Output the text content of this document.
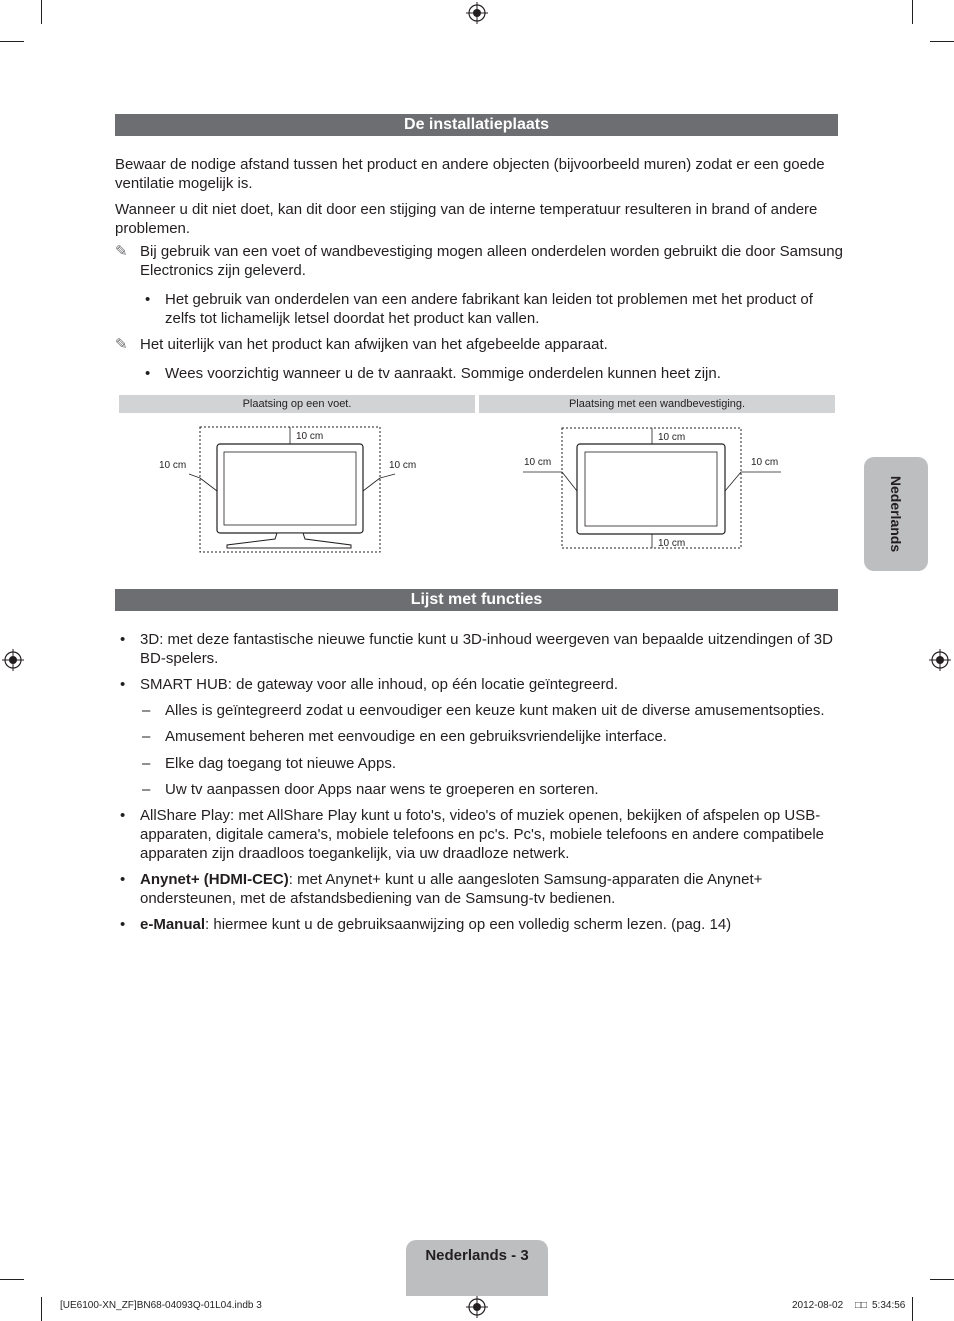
De installatieplaats

Bewaar de nodige afstand tussen het product en andere objecten (bijvoorbeeld muren) zodat er een goede ventilatie mogelijk is.

Wanneer u dit niet doet, kan dit door een stijging van de interne temperatuur resulteren in brand of andere problemen.

✎ Bij gebruik van een voet of wandbevestiging mogen alleen onderdelen worden gebruikt die door Samsung Electronics zijn geleverd.
• Het gebruik van onderdelen van een andere fabrikant kan leiden tot problemen met het product of zelfs tot lichamelijk letsel doordat het product kan vallen.
✎ Het uiterlijk van het product kan afwijken van het afgebeelde apparaat.
• Wees voorzichtig wanneer u de tv aanraakt. Sommige onderdelen kunnen heet zijn.
Plaatsing op een voet.	Plaatsing met een wandbevestiging.
10 cm
10 cm	10 cm
10 cm
10 cm	10 cm
10 cm
Lijst met functies
• 3D: met deze fantastische nieuwe functie kunt u 3D-inhoud weergeven van bepaalde uitzendingen of 3D BD-spelers.
• SMART HUB: de gateway voor alle inhoud, op één locatie geïntegreerd.
– Alles is geïntegreerd zodat u eenvoudiger een keuze kunt maken uit de diverse amusementsopties.
– Amusement beheren met eenvoudige en een gebruiksvriendelijke interface.
– Elke dag toegang tot nieuwe Apps.
– Uw tv aanpassen door Apps naar wens te groeperen en sorteren.
• AllShare Play: met AllShare Play kunt u foto's, video's of muziek openen, bekijken of afspelen op USB-apparaten, digitale camera's, mobiele telefoons en pc's. Pc's, mobiele telefoons en andere compatibele apparaten zijn draadloos toegankelijk, via uw draadloze netwerk.
• Anynet+ (HDMI-CEC): met Anynet+ kunt u alle aangesloten Samsung-apparaten die Anynet+ ondersteunen, met de afstandsbediening van de Samsung-tv bedienen.
• e-Manual: hiermee kunt u de gebruiksaanwijzing op een volledig scherm lezen. (pag. 14)
Nederlands
Nederlands - 3
[UE6100-XN_ZF]BN68-04093Q-01L04.indb 3	2012-08-02 □□ 5:34:56
